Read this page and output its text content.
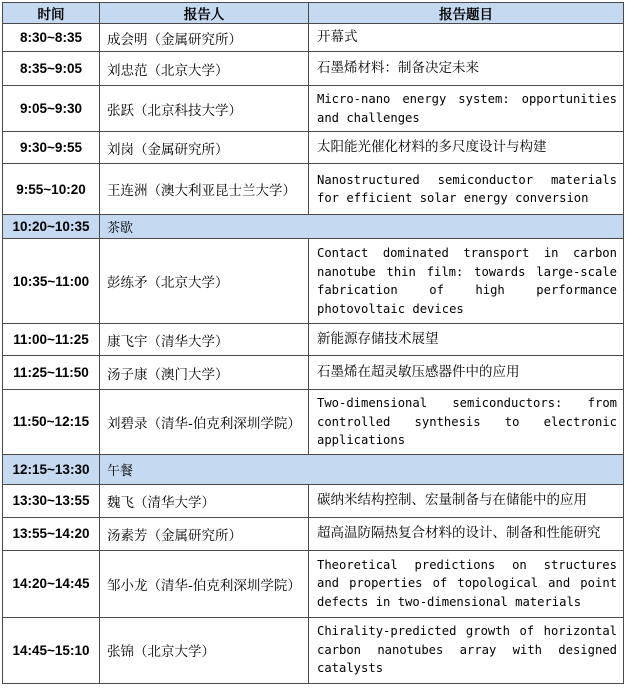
时间	报告人	报告题目
8:30~8:35	成会明（金属研究所）	开幕式
8:35~9:05	刘忠范（北京大学）	石墨烯材料：制备决定未来
9:05~9:30	张跃（北京科技大学）	Micro-nano energy system: opportunities and challenges
9:30~9:55	刘岗（金属研究所）	太阳能光催化材料的多尺度设计与构建
9:55~10:20	王连洲（澳大利亚昆士兰大学）	Nanostructured semiconductor materials for efficient solar energy conversion
10:20~10:35	茶歇	
10:35~11:00	彭练矛（北京大学）	Contact dominated transport in carbon nanotube thin film: towards large-scale fabrication of high performance photovoltaic devices
11:00~11:25	康飞宇（清华大学）	新能源存储技术展望
11:25~11:50	汤子康（澳门大学）	石墨烯在超灵敏压感器件中的应用
11:50~12:15	刘碧录（清华-伯克利深圳学院）	Two-dimensional semiconductors: from controlled synthesis to electronic applications
12:15~13:30	午餐	
13:30~13:55	魏飞（清华大学）	碳纳米结构控制、宏量制备与在储能中的应用
13:55~14:20	汤素芳（金属研究所）	超高温防隔热复合材料的设计、制备和性能研究
14:20~14:45	邹小龙（清华-伯克利深圳学院）	Theoretical predictions on structures and properties of topological and point defects in two-dimensional materials
14:45~15:10	张锦（北京大学）	Chirality-predicted growth of horizontal carbon nanotubes array with designed catalysts
